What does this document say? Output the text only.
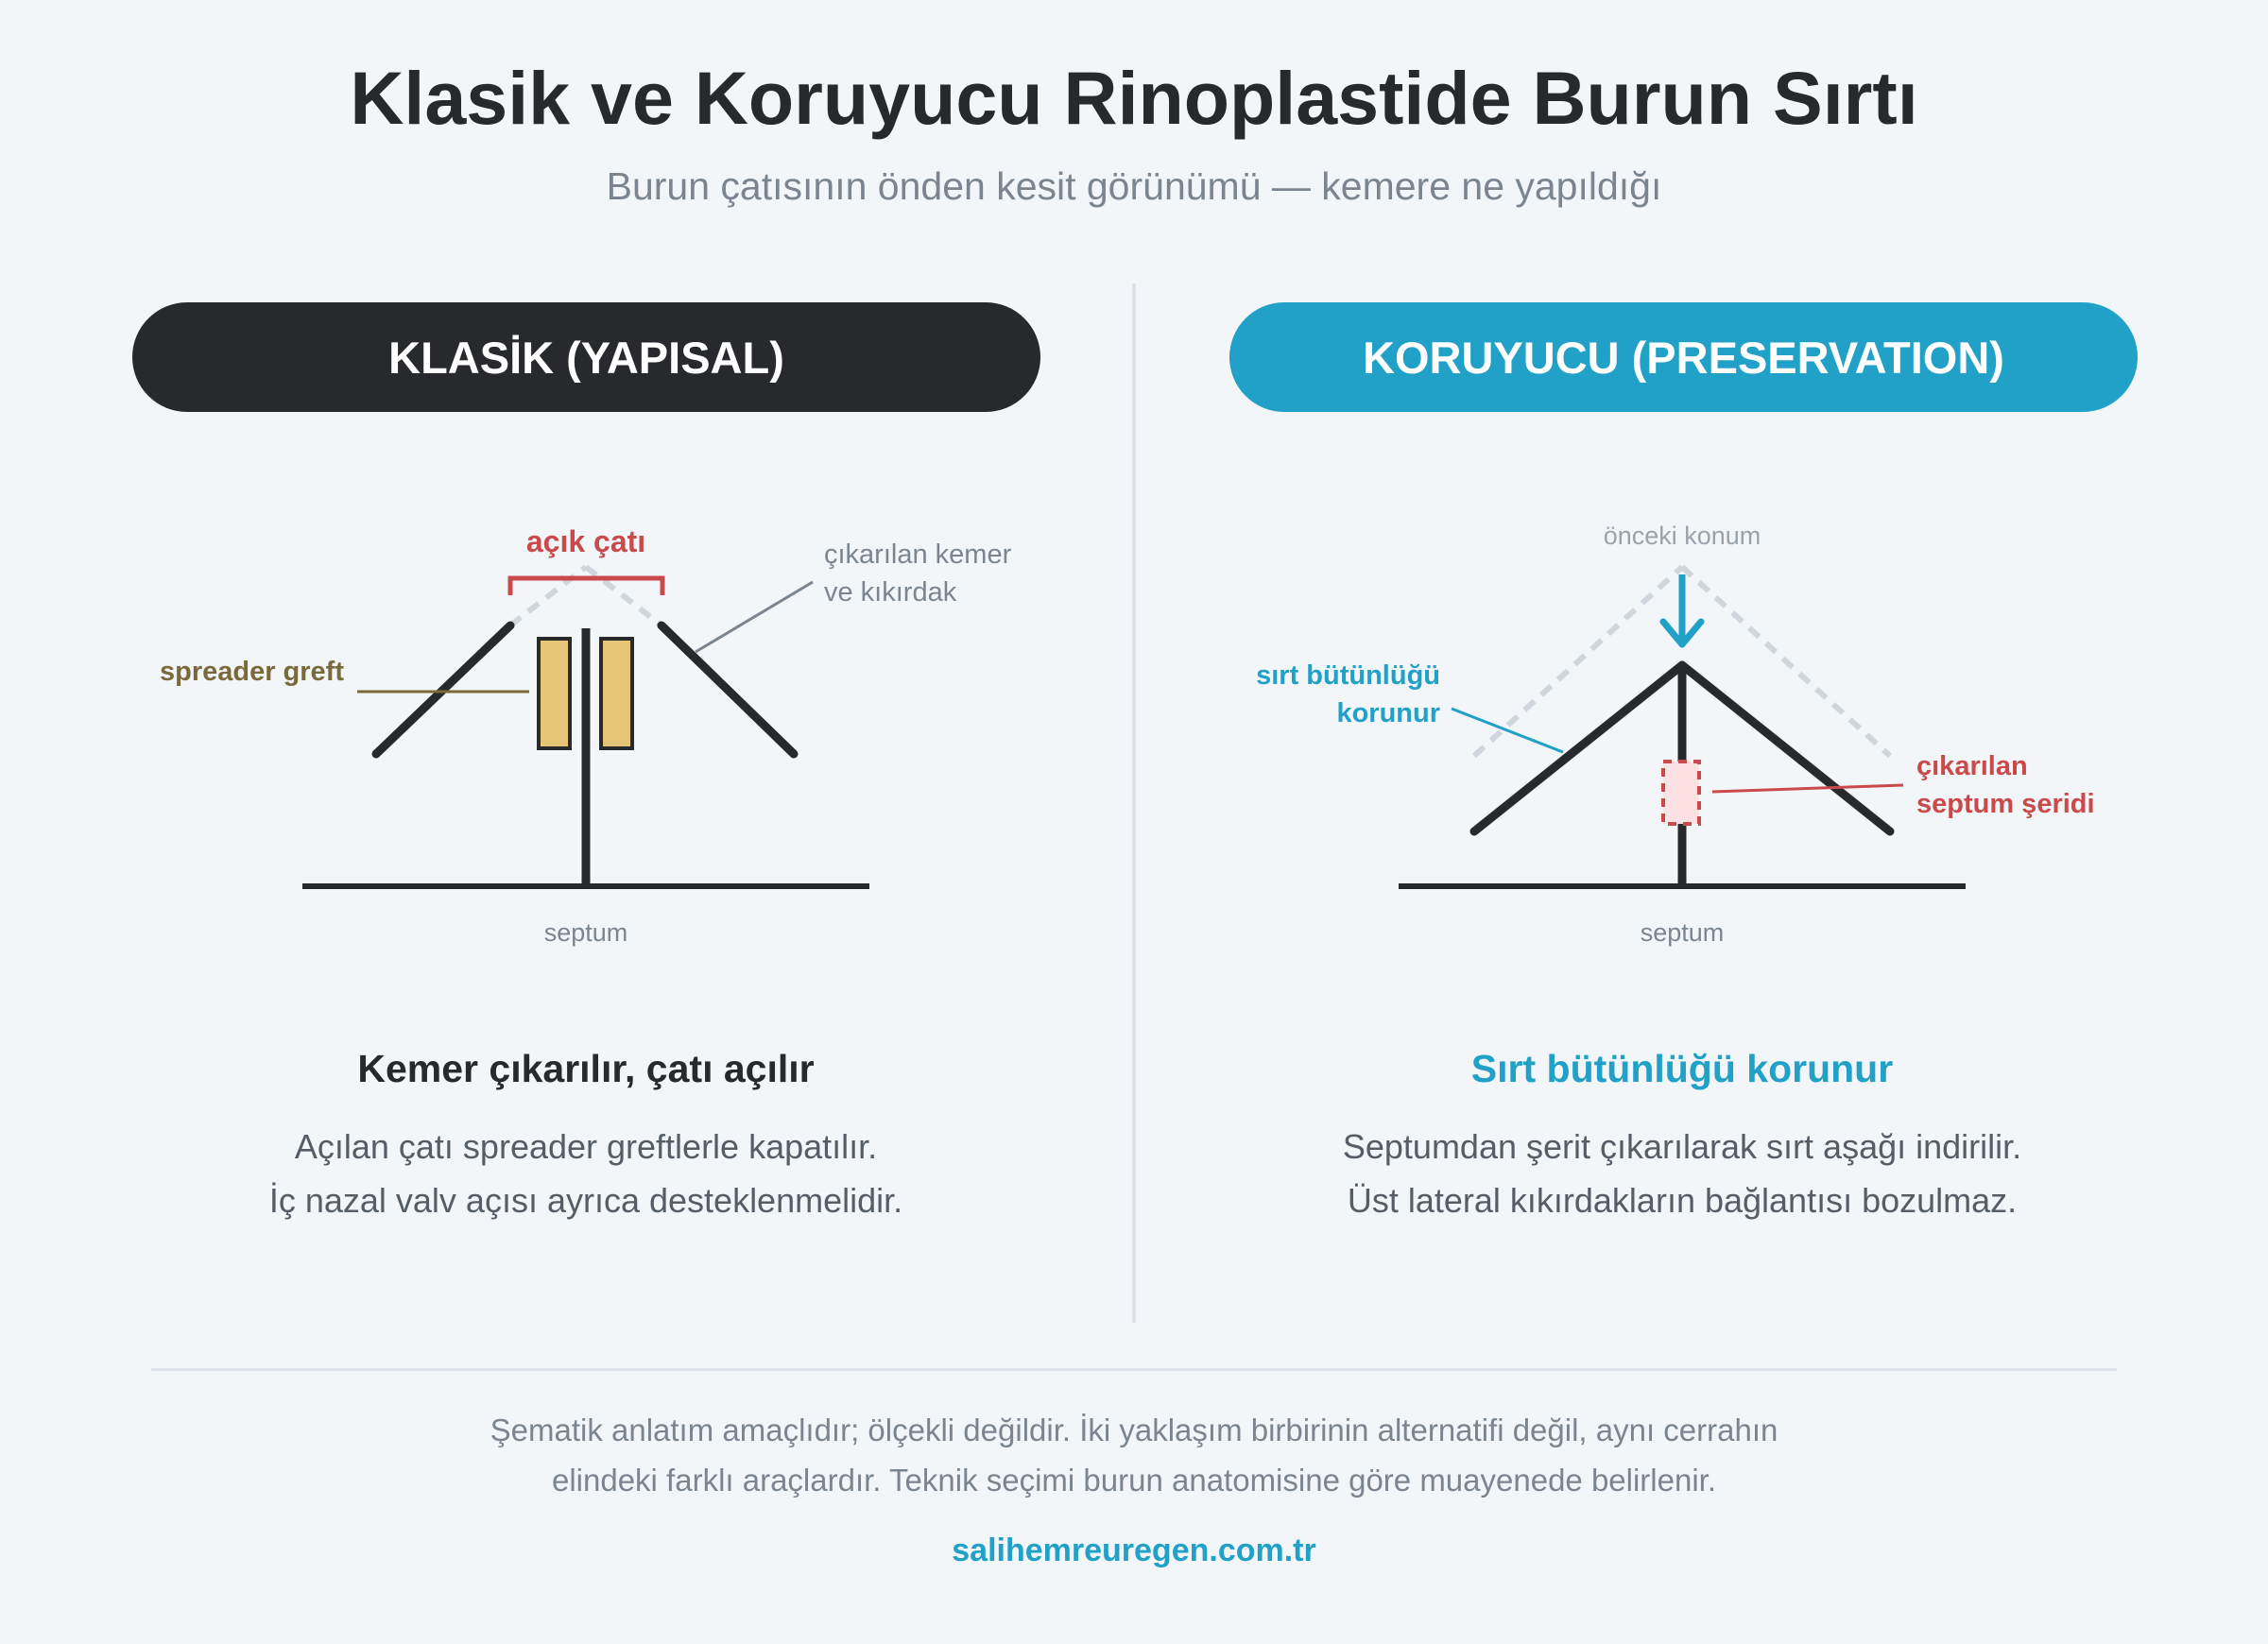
Klasik ve Koruyucu Rinoplastide Burun Sırtı
Burun çatısının önden kesit görünümü — kemere ne yapıldığı
KLASİK (YAPISAL)	KORUYUCU (PRESERVATION)
açık çatı	çıkarılan kemer
ve kıkırdak
spreader greft
septum
önceki konum
sırt bütünlüğü
korunur
çıkarılan
septum şeridi
septum
Kemer çıkarılır, çatı açılır
Açılan çatı spreader greftlerle kapatılır.
İç nazal valv açısı ayrıca desteklenmelidir.
Sırt bütünlüğü korunur
Septumdan şerit çıkarılarak sırt aşağı indirilir.
Üst lateral kıkırdakların bağlantısı bozulmaz.
Şematik anlatım amaçlıdır; ölçekli değildir. İki yaklaşım birbirinin alternatifi değil, aynı cerrahın
elindeki farklı araçlardır. Teknik seçimi burun anatomisine göre muayenede belirlenir.
salihemreuregen.com.tr
